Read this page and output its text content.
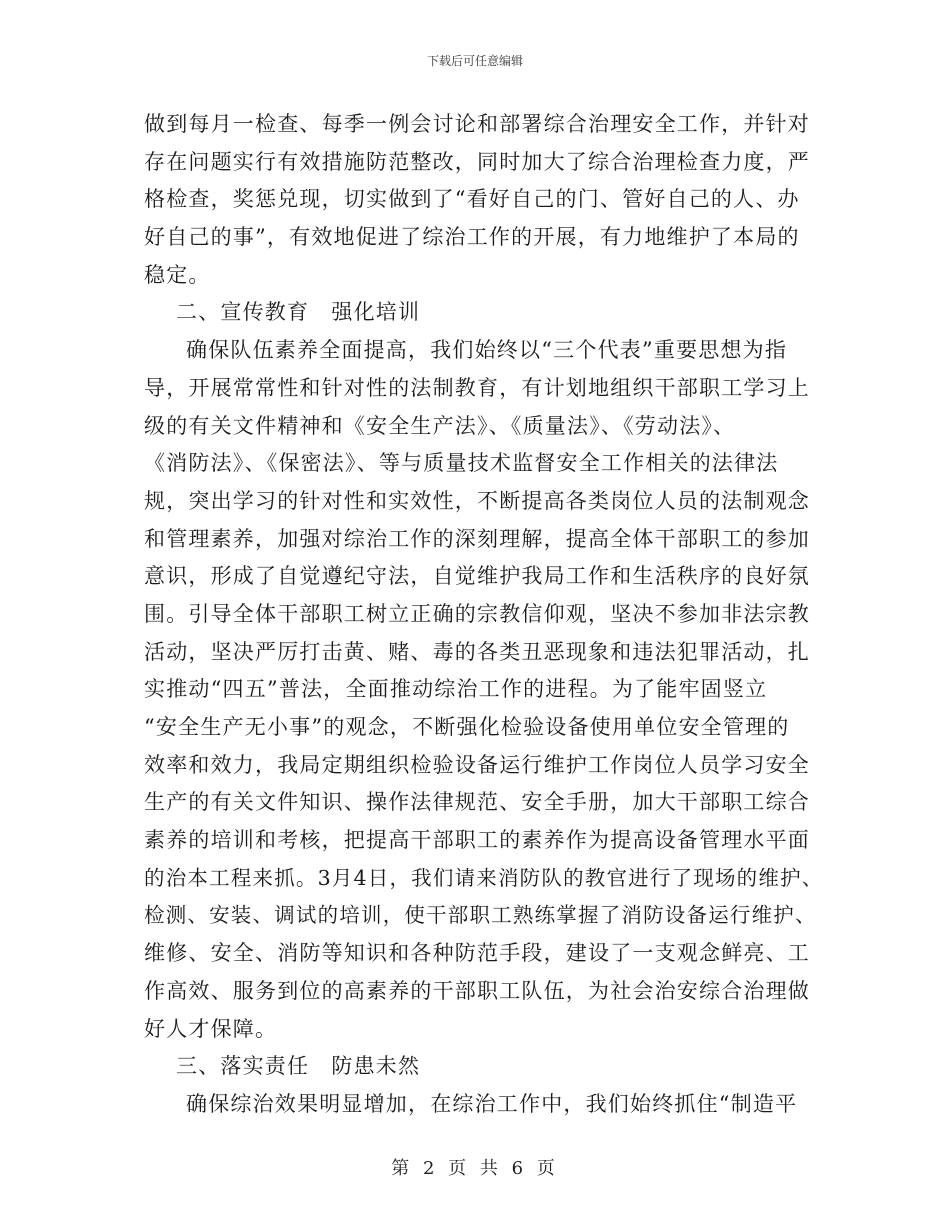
下载后可任意编辑
做到每月一检查、每季一例会讨论和部署综合治理安全工作，并针对
存在问题实行有效措施防范整改，同时加大了综合治理检查力度，严
格检查，奖惩兑现，切实做到了“看好自己的门、管好自己的人、办
好自己的事”，有效地促进了综治工作的开展，有力地维护了本局的
稳定。
二、宣传教育　强化培训
确保队伍素养全面提高，我们始终以“三个代表”重要思想为指
导，开展常常性和针对性的法制教育，有计划地组织干部职工学习上
级的有关文件精神和《安全生产法》、《质量法》、《劳动法》、
《消防法》、《保密法》、等与质量技术监督安全工作相关的法律法
规，突出学习的针对性和实效性，不断提高各类岗位人员的法制观念
和管理素养，加强对综治工作的深刻理解，提高全体干部职工的参加
意识，形成了自觉遵纪守法，自觉维护我局工作和生活秩序的良好氛
围。引导全体干部职工树立正确的宗教信仰观，坚决不参加非法宗教
活动，坚决严厉打击黄、赌、毒的各类丑恶现象和违法犯罪活动，扎
实推动“四五”普法，全面推动综治工作的进程。为了能牢固竖立
“安全生产无小事”的观念，不断强化检验设备使用单位安全管理的
效率和效力，我局定期组织检验设备运行维护工作岗位人员学习安全
生产的有关文件知识、操作法律规范、安全手册，加大干部职工综合
素养的培训和考核，把提高干部职工的素养作为提高设备管理水平面
的治本工程来抓。3月4日，我们请来消防队的教官进行了现场的维护、
检测、安装、调试的培训，使干部职工熟练掌握了消防设备运行维护、
维修、安全、消防等知识和各种防范手段，建设了一支观念鲜亮、工
作高效、服务到位的高素养的干部职工队伍，为社会治安综合治理做
好人才保障。
三、落实责任　防患未然
确保综治效果明显增加，在综治工作中，我们始终抓住“制造平
第 2 页 共 6 页
